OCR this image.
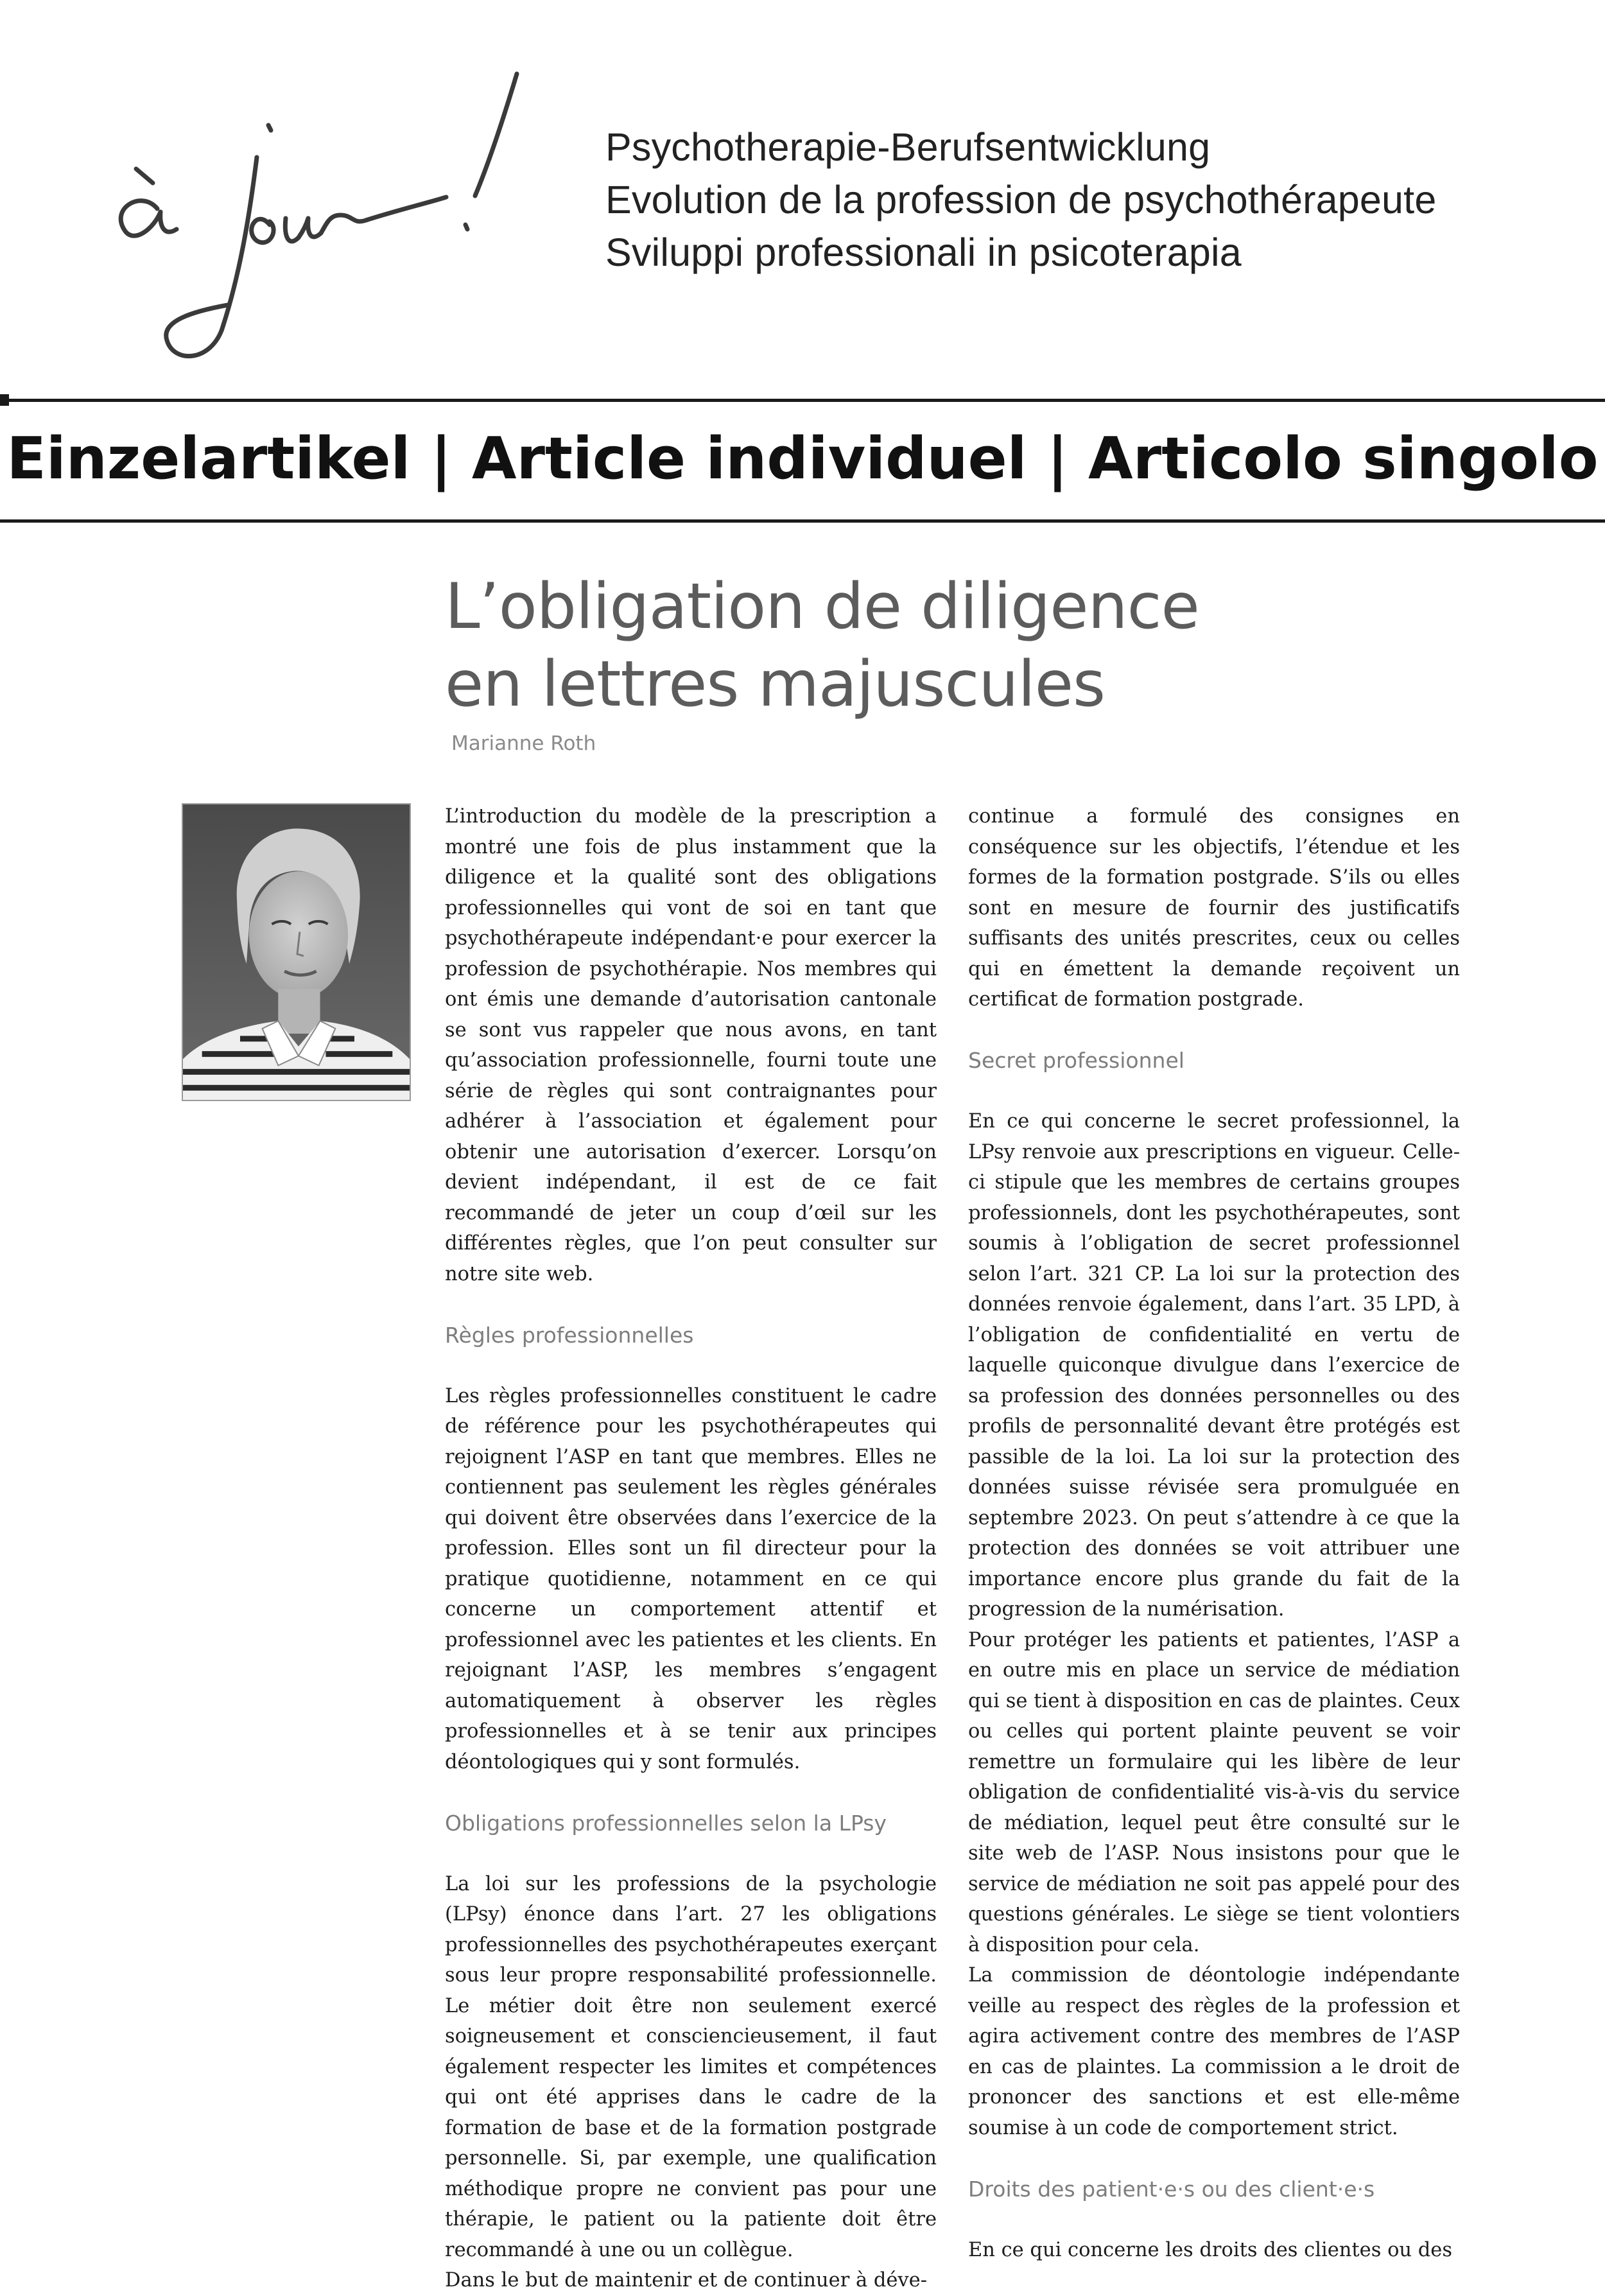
Psychotherapie-Berufsentwicklung
Evolution de la profession de psychothérapeute
Sviluppi professionali in psicoterapia
Einzelartikel | Article individuel | Articolo singolo
L’obligation de diligence
en lettres majuscules
Marianne Roth

L’introduction du modèle de la prescription a montré une fois de plus instamment que la diligence et la qualité sont des obligations professionnelles qui vont de soi en tant que psychothérapeute indépendant·e pour exercer la profession de psychothérapie. Nos membres qui ont émis une demande d’autorisation cantonale se sont vus rappeler que nous avons, en tant qu’association professionnelle, fourni toute une série de règles qui sont contraignantes pour adhérer à l’association et également pour obtenir une autorisation d’exercer. Lorsqu’on devient indépendant, il est de ce fait recommandé de jeter un coup d’œil sur les différentes règles, que l’on peut consulter sur notre site web.

Règles professionnelles

Les règles professionnelles constituent le cadre de référence pour les psychothérapeutes qui rejoignent l’ASP en tant que membres. Elles ne contiennent pas seulement les règles générales qui doivent être observées dans l’exercice de la profession. Elles sont un fil directeur pour la pratique quotidienne, notamment en ce qui concerne un comportement attentif et professionnel avec les patientes et les clients. En rejoignant l’ASP, les membres s’engagent automatiquement à observer les règles professionnelles et à se tenir aux principes déontologiques qui y sont formulés.

Obligations professionnelles selon la LPsy

La loi sur les professions de la psychologie (LPsy) énonce dans l’art. 27 les obligations professionnelles des psychothérapeutes exerçant sous leur propre responsabilité professionnelle. Le métier doit être non seulement exercé soigneusement et consciencieusement, il faut également respecter les limites et compétences qui ont été apprises dans le cadre de la formation de base et de la formation postgrade personnelle. Si, par exemple, une qualification méthodique propre ne convient pas pour une thérapie, le patient ou la patiente doit être recommandé à une ou un collègue.

Dans le but de maintenir et de continuer à déve-

continue a formulé des consignes en conséquence sur les objectifs, l’étendue et les formes de la formation postgrade. S’ils ou elles sont en mesure de fournir des justificatifs suffisants des unités prescrites, ceux ou celles qui en émettent la demande reçoivent un certificat de formation postgrade.

Secret professionnel

En ce qui concerne le secret professionnel, la LPsy renvoie aux prescriptions en vigueur. Celle-ci stipule que les membres de certains groupes professionnels, dont les psychothérapeutes, sont soumis à l’obligation de secret professionnel selon l’art. 321 CP. La loi sur la protection des données renvoie également, dans l’art. 35 LPD, à l’obligation de confidentialité en vertu de laquelle quiconque divulgue dans l’exercice de sa profession des données personnelles ou des profils de personnalité devant être protégés est passible de la loi. La loi sur la protection des données suisse révisée sera promulguée en septembre 2023. On peut s’attendre à ce que la protection des données se voit attribuer une importance encore plus grande du fait de la progression de la numérisation.

Pour protéger les patients et patientes, l’ASP a en outre mis en place un service de médiation qui se tient à disposition en cas de plaintes. Ceux ou celles qui portent plainte peuvent se voir remettre un formulaire qui les libère de leur obligation de confidentialité vis-à-vis du service de médiation, lequel peut être consulté sur le site web de l’ASP. Nous insistons pour que le service de médiation ne soit pas appelé pour des questions générales. Le siège se tient volontiers à disposition pour cela.

La commission de déontologie indépendante veille au respect des règles de la profession et agira activement contre des membres de l’ASP en cas de plaintes. La commission a le droit de prononcer des sanctions et est elle-même soumise à un code de comportement strict.

Droits des patient·e·s ou des client·e·s

En ce qui concerne les droits des clientes ou des
